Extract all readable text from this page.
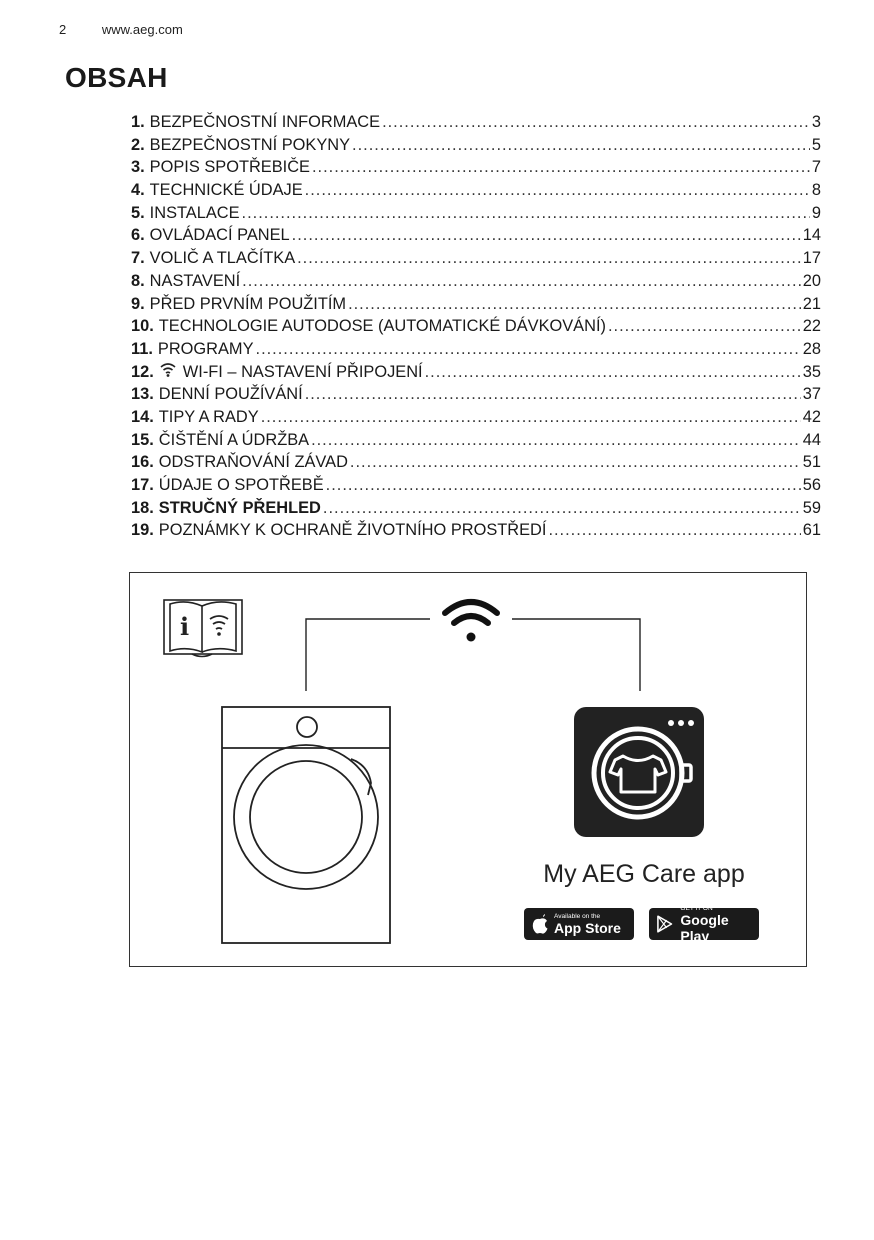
2	www.aeg.com
OBSAH
1. BEZPEČNOSTNÍ INFORMACE .....	3
2. BEZPEČNOSTNÍ POKYNY .....	5
3. POPIS SPOTŘEBIČE .....	7
4. TECHNICKÉ ÚDAJE .....	8
5. INSTALACE .....	9
6. OVLÁDACÍ PANEL .....	14
7. VOLIČ A TLAČÍTKA .....	17
8. NASTAVENÍ .....	20
9. PŘED PRVNÍM POUŽITÍM .....	21
10. TECHNOLOGIE AUTODOSE (AUTOMATICKÉ DÁVKOVÁNÍ) .....	22
11. PROGRAMY .....	28
12. WI-FI – NASTAVENÍ PŘIPOJENÍ .....	35
13. DENNÍ POUŽÍVÁNÍ .....	37
14. TIPY A RADY .....	42
15. ČIŠTĚNÍ A ÚDRŽBA .....	44
16. ODSTRAŇOVÁNÍ ZÁVAD .....	51
17. ÚDAJE O SPOTŘEBĚ .....	56
18. STRUČNÝ PŘEHLED .....	59
19. POZNÁMKY K OCHRANĚ ŽIVOTNÍHO PROSTŘEDÍ .....	61
i
My AEG Care app
Available on the
App Store
GET IT ON
Google Play
